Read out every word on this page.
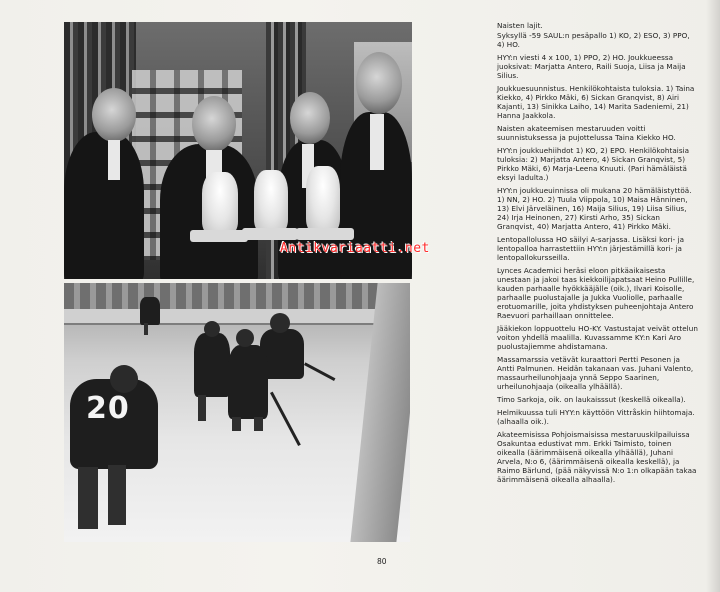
20
Antikvariaatti.net

Naisten lajit.

Syksyllä -59 SAUL:n pesäpallo 1) KO, 2) ESO, 3) PPO, 4) HO.

HYY:n viesti 4 x 100, 1) PPO, 2) HO. Joukkueessa juoksivat: Marjatta Antero, Raili Suoja, Liisa ja Maija Silius.

Joukkuesuunnistus. Henkilökohtaista tuloksia. 1) Taina Kiekko, 4) Pirkko Mäki, 6) Sickan Granqvist, 8) Airi Kajanti, 13) Sinikka Laiho, 14) Marita Sadeniemi, 21) Hanna Jaakkola.

Naisten akateemisen mestaruuden voitti suunnistuksessa ja pujottelussa Taina Kiekko HO.

HYY:n joukkuehiihdot 1) KO, 2) EPO. Henkilökohtaisia tuloksia: 2) Marjatta Antero, 4) Sickan Granqvist, 5) Pirkko Mäki, 6) Marja-Leena Knuuti. (Pari hämäläistä eksyi ladulta.)

HYY:n joukkueuinnissa oli mukana 20 hämäläistyttöä. 1) NN, 2) HO. 2) Tuula Viippola, 10) Maisa Hänninen, 13) Elvi Järveläinen, 16) Maija Silius, 19) Liisa Silius, 24) Irja Heinonen, 27) Kirsti Arho, 35) Sickan Granqvist, 40) Marjatta Antero, 41) Pirkko Mäki.

Lentopallolussa HO säilyi A-sarjassa. Lisäksi kori- ja lentopalloa harrastettiin HYY:n järjestämillä kori- ja lentopallokursseilla.

Lynces Academici heräsi eloon pitkäaikaisesta unestaan ja jakoi taas kiekkoilijapatsaat Heino Pullille, kauden parhaalle hyökkääjälle (oik.), Ilvari Koisolle, parhaalle puolustajalle ja Jukka Vuoliolle, parhaalle erotuomarille, joita yhdistyksen puheenjohtaja Antero Raevuori parhaillaan onnittelee.

Jääkiekon loppuottelu HO-KY. Vastustajat veivät ottelun voiton yhdellä maalilla. Kuvassamme KY:n Kari Aro puolustajiemme ahdistamana.

Massamarssia vetävät kuraattori Pertti Pesonen ja Antti Palmunen. Heidän takanaan vas. Juhani Valento, massaurheilunohjaaja ynnä Seppo Saarinen, urheilunohjaaja (oikealla ylhäällä).

Timo Sarkoja, oik. on laukaisssut (keskellä oikealla).

Helmikuussa tuli HYY:n käyttöön Vittråskin hiihtomaja. (alhaalla oik.).

Akateemisissa Pohjoismaisissa mestaruuskilpailuissa Osakuntaa edustivat mm. Erkki Taimisto, toinen oikealla (äärimmäisenä oikealla ylhäällä), Juhani Arvela, N:o 6, (äärimmäisenä oikealla keskellä), ja Raimo Bärlund, (pää näkyvissä N:o 1:n olkapään takaa äärimmäisenä oikealla alhaalla).

80
